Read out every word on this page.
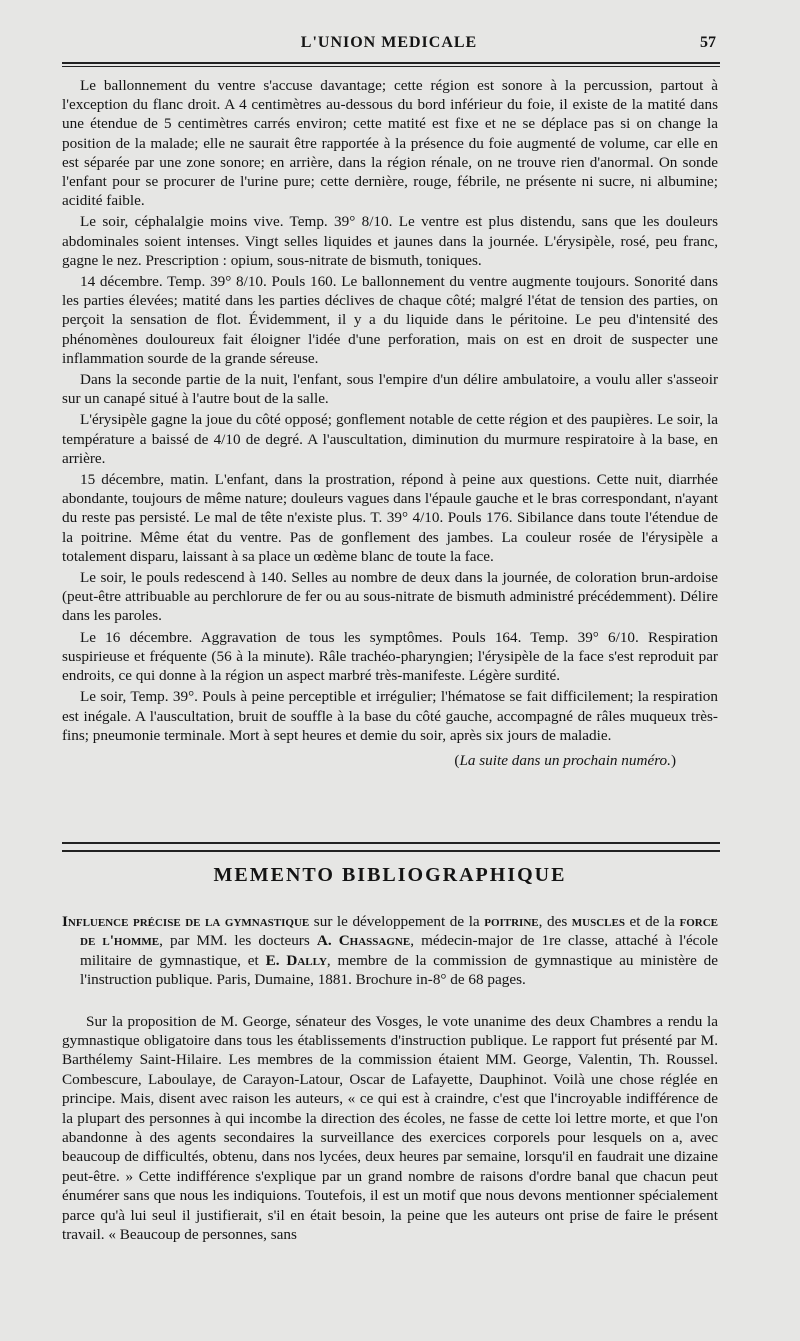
L'UNION MEDICALE	57

Le ballonnement du ventre s'accuse davantage; cette région est sonore à la percussion, partout à l'exception du flanc droit. A 4 centimètres au-dessous du bord inférieur du foie, il existe de la matité dans une étendue de 5 centimètres carrés environ; cette matité est fixe et ne se déplace pas si on change la position de la malade; elle ne saurait être rapportée à la présence du foie augmenté de volume, car elle en est séparée par une zone sonore; en arrière, dans la région rénale, on ne trouve rien d'anormal. On sonde l'enfant pour se procurer de l'urine pure; cette dernière, rouge, fébrile, ne présente ni sucre, ni albumine; acidité faible.

Le soir, céphalalgie moins vive. Temp. 39° 8/10. Le ventre est plus distendu, sans que les douleurs abdominales soient intenses. Vingt selles liquides et jaunes dans la journée. L'érysipèle, rosé, peu franc, gagne le nez. Prescription : opium, sous-nitrate de bismuth, toniques.

14 décembre. Temp. 39° 8/10. Pouls 160. Le ballonnement du ventre augmente toujours. Sonorité dans les parties élevées; matité dans les parties déclives de chaque côté; malgré l'état de tension des parties, on perçoit la sensation de flot. Évidemment, il y a du liquide dans le péritoine. Le peu d'intensité des phénomènes douloureux fait éloigner l'idée d'une perforation, mais on est en droit de suspecter une inflammation sourde de la grande séreuse.

Dans la seconde partie de la nuit, l'enfant, sous l'empire d'un délire ambulatoire, a voulu aller s'asseoir sur un canapé situé à l'autre bout de la salle.

L'érysipèle gagne la joue du côté opposé; gonflement notable de cette région et des paupières. Le soir, la température a baissé de 4/10 de degré. A l'auscultation, diminution du murmure respiratoire à la base, en arrière.

15 décembre, matin. L'enfant, dans la prostration, répond à peine aux questions. Cette nuit, diarrhée abondante, toujours de même nature; douleurs vagues dans l'épaule gauche et le bras correspondant, n'ayant du reste pas persisté. Le mal de tête n'existe plus. T. 39° 4/10. Pouls 176. Sibilance dans toute l'étendue de la poitrine. Même état du ventre. Pas de gonflement des jambes. La couleur rosée de l'érysipèle a totalement disparu, laissant à sa place un œdème blanc de toute la face.

Le soir, le pouls redescend à 140. Selles au nombre de deux dans la journée, de coloration brun-ardoise (peut-être attribuable au perchlorure de fer ou au sous-nitrate de bismuth administré précédemment). Délire dans les paroles.

Le 16 décembre. Aggravation de tous les symptômes. Pouls 164. Temp. 39° 6/10. Respiration suspirieuse et fréquente (56 à la minute). Râle trachéo-pharyngien; l'érysipèle de la face s'est reproduit par endroits, ce qui donne à la région un aspect marbré très-manifeste. Légère surdité.

Le soir, Temp. 39°. Pouls à peine perceptible et irrégulier; l'hématose se fait difficilement; la respiration est inégale. A l'auscultation, bruit de souffle à la base du côté gauche, accompagné de râles muqueux très-fins; pneumonie terminale. Mort à sept heures et demie du soir, après six jours de maladie.

(La suite dans un prochain numéro.)
MEMENTO BIBLIOGRAPHIQUE

Influence précise de la gymnastique sur le développement de la poitrine, des muscles et de la force de l'homme, par MM. les docteurs A. Chassagne, médecin-major de 1re classe, attaché à l'école militaire de gymnastique, et E. Dally, membre de la commission de gymnastique au ministère de l'instruction publique. Paris, Dumaine, 1881. Brochure in-8° de 68 pages.

Sur la proposition de M. George, sénateur des Vosges, le vote unanime des deux Chambres a rendu la gymnastique obligatoire dans tous les établissements d'instruction publique. Le rapport fut présenté par M. Barthélemy Saint-Hilaire. Les membres de la commission étaient MM. George, Valentin, Th. Roussel. Combescure, Laboulaye, de Carayon-Latour, Oscar de Lafayette, Dauphinot. Voilà une chose réglée en principe. Mais, disent avec raison les auteurs, « ce qui est à craindre, c'est que l'incroyable indifférence de la plupart des personnes à qui incombe la direction des écoles, ne fasse de cette loi lettre morte, et que l'on abandonne à des agents secondaires la surveillance des exercices corporels pour lesquels on a, avec beaucoup de difficultés, obtenu, dans nos lycées, deux heures par semaine, lorsqu'il en faudrait une dizaine peut-être. » Cette indifférence s'explique par un grand nombre de raisons d'ordre banal que chacun peut énumérer sans que nous les indiquions. Toutefois, il est un motif que nous devons mentionner spécialement parce qu'à lui seul il justifierait, s'il en était besoin, la peine que les auteurs ont prise de faire le présent travail. « Beaucoup de personnes, sans
